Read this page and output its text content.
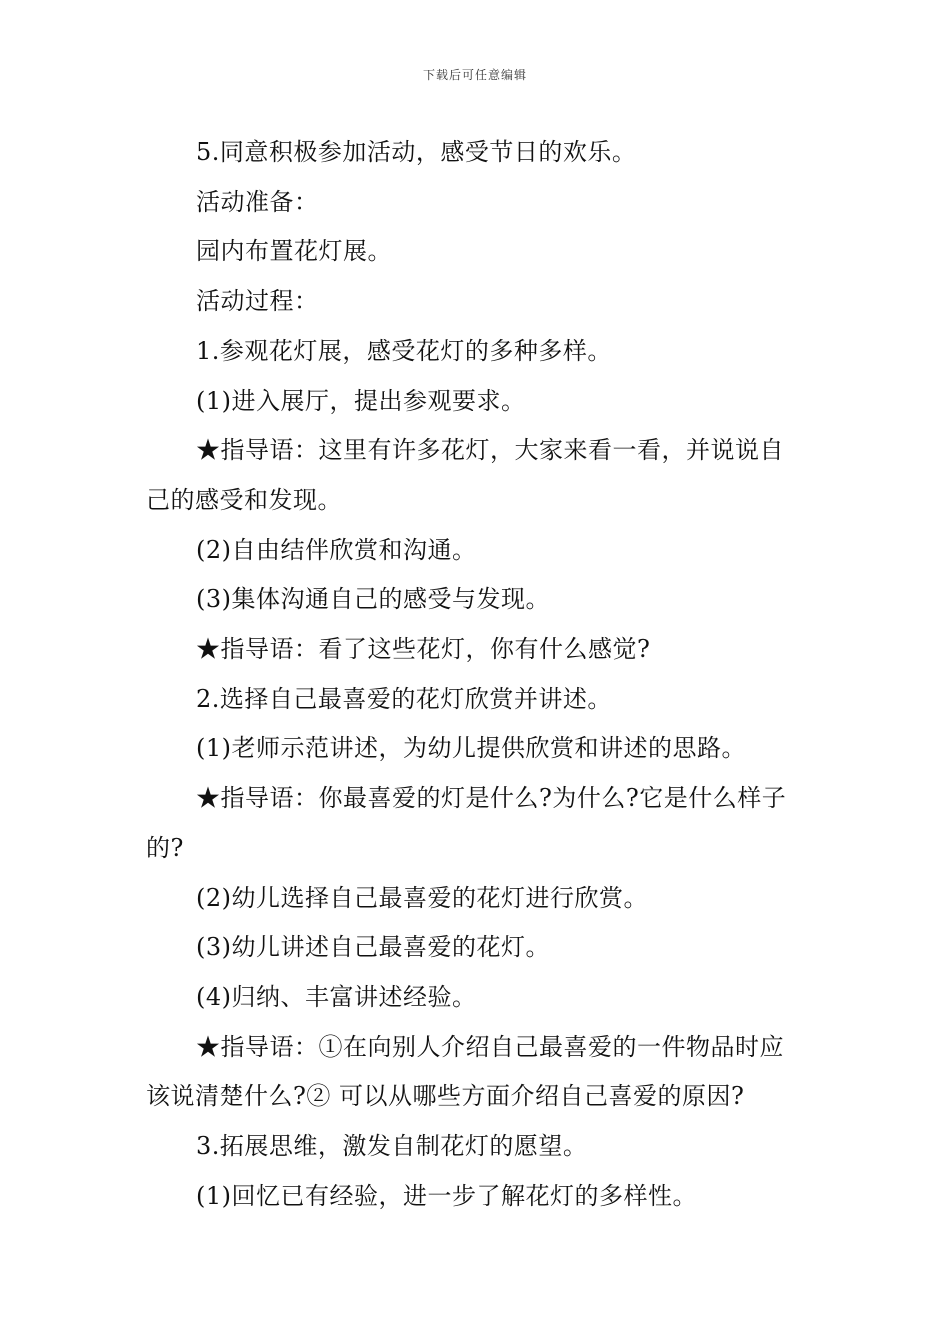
下载后可任意编辑

5.同意积极参加活动，感受节日的欢乐。

活动准备：

园内布置花灯展。

活动过程：

1.参观花灯展，感受花灯的多种多样。

(1)进入展厅，提出参观要求。

★指导语：这里有许多花灯，大家来看一看，并说说自己的感受和发现。

(2)自由结伴欣赏和沟通。

(3)集体沟通自己的感受与发现。

★指导语：看了这些花灯，你有什么感觉?

2.选择自己最喜爱的花灯欣赏并讲述。

(1)老师示范讲述，为幼儿提供欣赏和讲述的思路。

★指导语：你最喜爱的灯是什么?为什么?它是什么样子的?

(2)幼儿选择自己最喜爱的花灯进行欣赏。

(3)幼儿讲述自己最喜爱的花灯。

(4)归纳、丰富讲述经验。

★指导语：①在向别人介绍自己最喜爱的一件物品时应该说清楚什么?② 可以从哪些方面介绍自己喜爱的原因?

3.拓展思维，激发自制花灯的愿望。

(1)回忆已有经验，进一步了解花灯的多样性。
